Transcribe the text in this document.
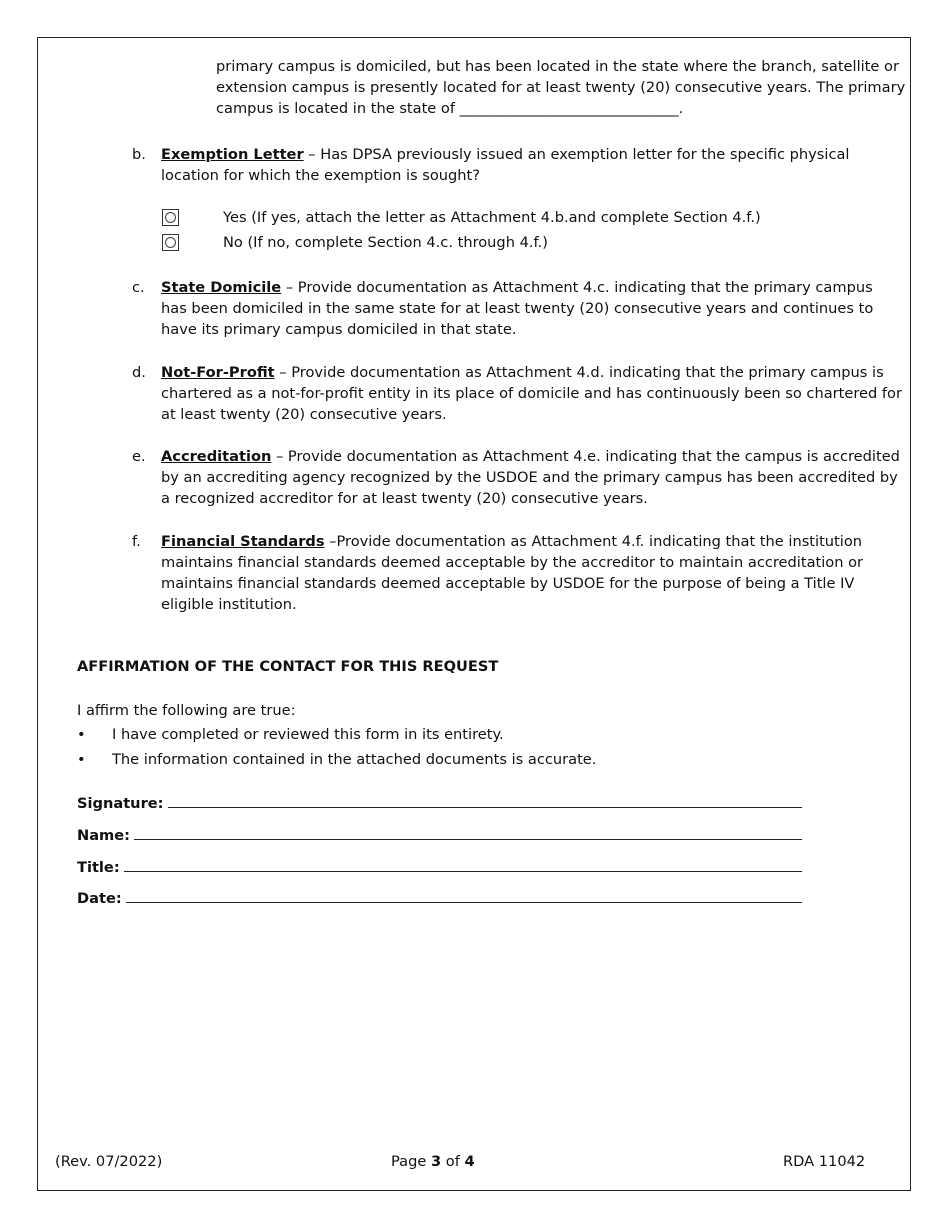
primary campus is domiciled, but has been located in the state where the branch, satellite or extension campus is presently located for at least twenty (20) consecutive years. The primary campus is located in the state of ______________________________.
b. Exemption Letter – Has DPSA previously issued an exemption letter for the specific physical location for which the exemption is sought?
Yes (If yes, attach the letter as Attachment 4.b.and complete Section 4.f.)
No (If no, complete Section 4.c. through 4.f.)
c. State Domicile – Provide documentation as Attachment 4.c. indicating that the primary campus has been domiciled in the same state for at least twenty (20) consecutive years and continues to have its primary campus domiciled in that state.
d. Not-For-Profit – Provide documentation as Attachment 4.d. indicating that the primary campus is chartered as a not-for-profit entity in its place of domicile and has continuously been so chartered for at least twenty (20) consecutive years.
e. Accreditation – Provide documentation as Attachment 4.e. indicating that the campus is accredited by an accrediting agency recognized by the USDOE and the primary campus has been accredited by a recognized accreditor for at least twenty (20) consecutive years.
f. Financial Standards –Provide documentation as Attachment 4.f. indicating that the institution maintains financial standards deemed acceptable by the accreditor to maintain accreditation or maintains financial standards deemed acceptable by USDOE for the purpose of being a Title IV eligible institution.
AFFIRMATION OF THE CONTACT FOR THIS REQUEST
I affirm the following are true:
• I have completed or reviewed this form in its entirety.
• The information contained in the attached documents is accurate.
Signature:
Name:
Title:
Date:
(Rev. 07/2022)	Page 3 of 4	RDA 11042
